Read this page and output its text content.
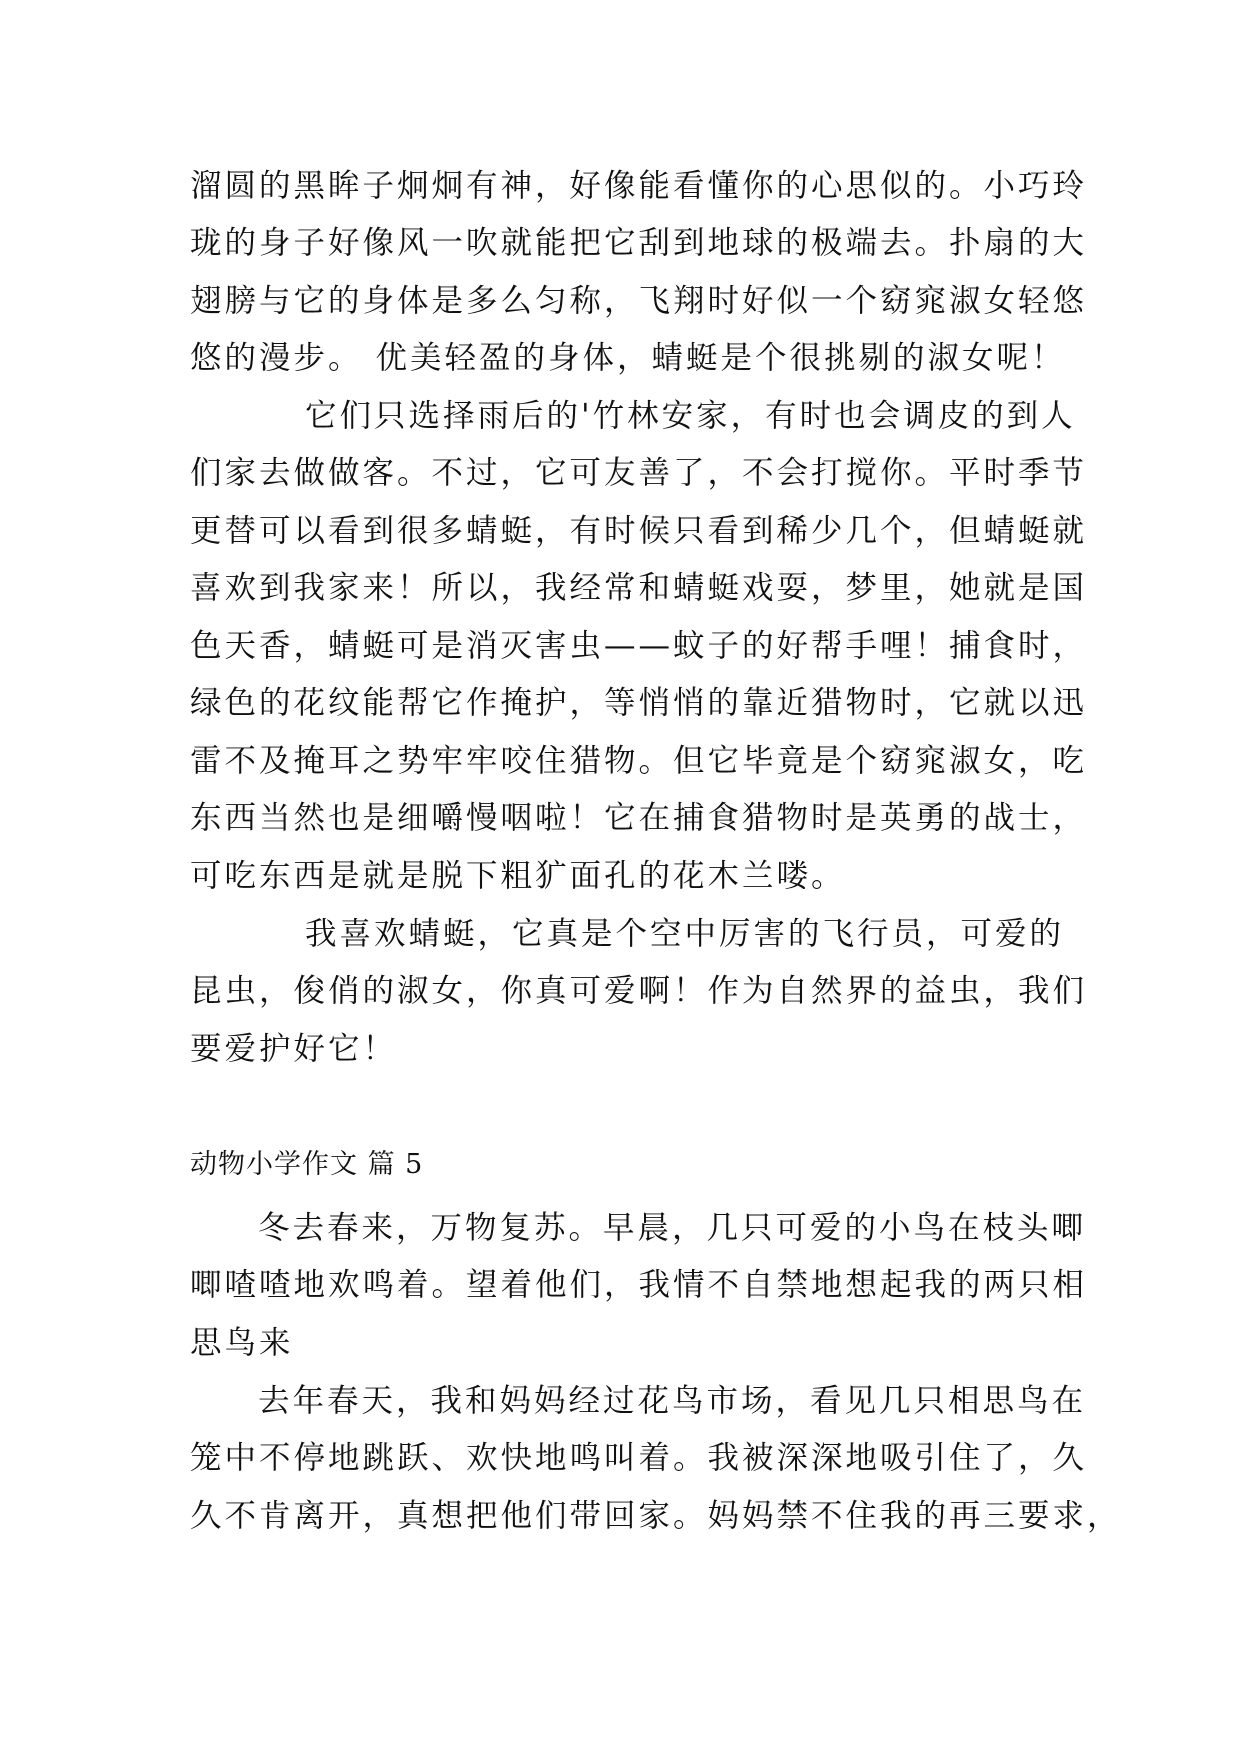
溜圆的黑眸子炯炯有神，好像能看懂你的心思似的。小巧玲
珑的身子好像风一吹就能把它刮到地球的极端去。扑扇的大
翅膀与它的身体是多么匀称，飞翔时好似一个窈窕淑女轻悠
悠的漫步。 优美轻盈的身体，蜻蜓是个很挑剔的淑女呢！
它们只选择雨后的'竹林安家，有时也会调皮的到人
们家去做做客。不过，它可友善了，不会打搅你。平时季节
更替可以看到很多蜻蜓，有时候只看到稀少几个，但蜻蜓就
喜欢到我家来！所以，我经常和蜻蜓戏耍，梦里，她就是国
色天香，蜻蜓可是消灭害虫——蚊子的好帮手哩！捕食时，
绿色的花纹能帮它作掩护，等悄悄的靠近猎物时，它就以迅
雷不及掩耳之势牢牢咬住猎物。但它毕竟是个窈窕淑女，吃
东西当然也是细嚼慢咽啦！它在捕食猎物时是英勇的战士，
可吃东西是就是脱下粗犷面孔的花木兰喽。
我喜欢蜻蜓，它真是个空中厉害的飞行员，可爱的
昆虫，俊俏的淑女，你真可爱啊！作为自然界的益虫，我们
要爱护好它！
动物小学作文 篇 5
冬去春来，万物复苏。早晨，几只可爱的小鸟在枝头唧
唧喳喳地欢鸣着。望着他们，我情不自禁地想起我的两只相
思鸟来
去年春天，我和妈妈经过花鸟市场，看见几只相思鸟在
笼中不停地跳跃、欢快地鸣叫着。我被深深地吸引住了，久
久不肯离开，真想把他们带回家。妈妈禁不住我的再三要求，
